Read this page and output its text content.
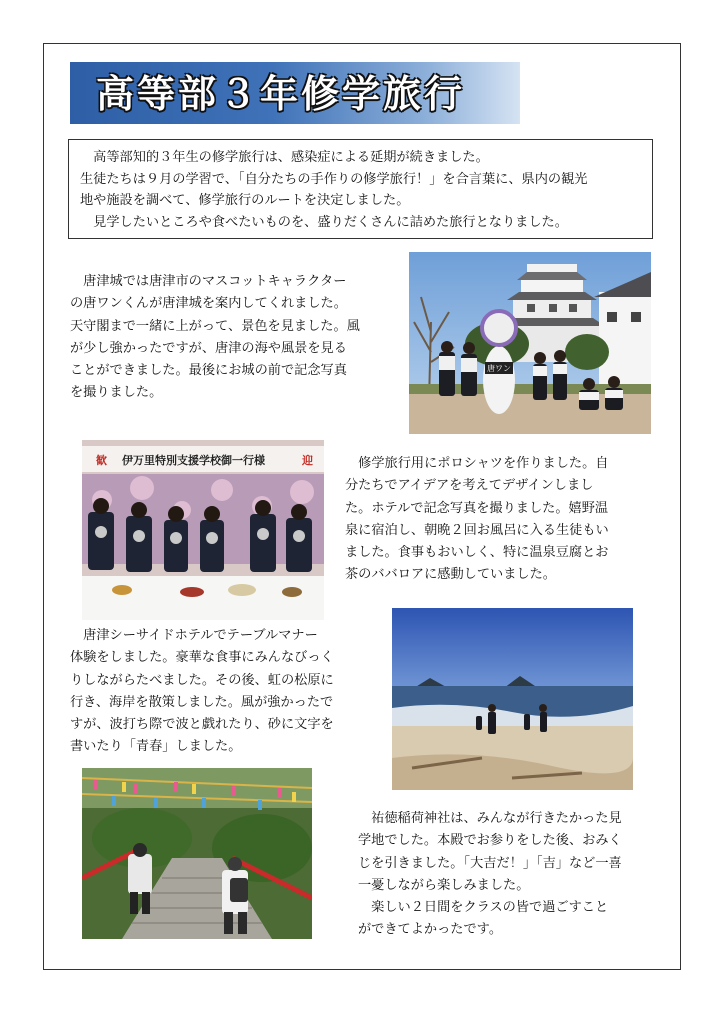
高等部３年修学旅行

　高等部知的３年生の修学旅行は、感染症による延期が続きました。

生徒たちは９月の学習で、「自分たちの手作りの修学旅行！」を合言葉に、県内の観光

地や施設を調べて、修学旅行のルートを決定しました。

　見学したいところや食べたいものを、盛りだくさんに詰めた旅行となりました。

　唐津城では唐津市のマスコットキャラクター

の唐ワンくんが唐津城を案内してくれました。

天守閣まで一緒に上がって、景色を見ました。風

が少し強かったですが、唐津の海や風景を見る

ことができました。最後にお城の前で記念写真

を撮りました。

唐ワン
歓 伊万里特別支援学校御一行様	迎 　修学旅行用にポロシャツを作りました。自

分たちでアイデアを考えてデザインしまし

た。ホテルで記念写真を撮りました。嬉野温

泉に宿泊し、朝晩２回お風呂に入る生徒もい

ました。食事もおいしく、特に温泉豆腐とお

茶のババロアに感動していました。

　唐津シーサイドホテルでテーブルマナー

体験をしました。豪華な食事にみんなびっく

りしながらたべました。その後、虹の松原に

行き、海岸を散策しました。風が強かったで

すが、波打ち際で波と戯れたり、砂に文字を

書いたり「青春」しました。

　祐徳稲荷神社は、みんなが行きたかった見

学地でした。本殿でお参りをした後、おみく

じを引きました。「大吉だ！」「吉」など一喜

一憂しながら楽しみました。

　楽しい２日間をクラスの皆で過ごすこと

ができてよかったです。
